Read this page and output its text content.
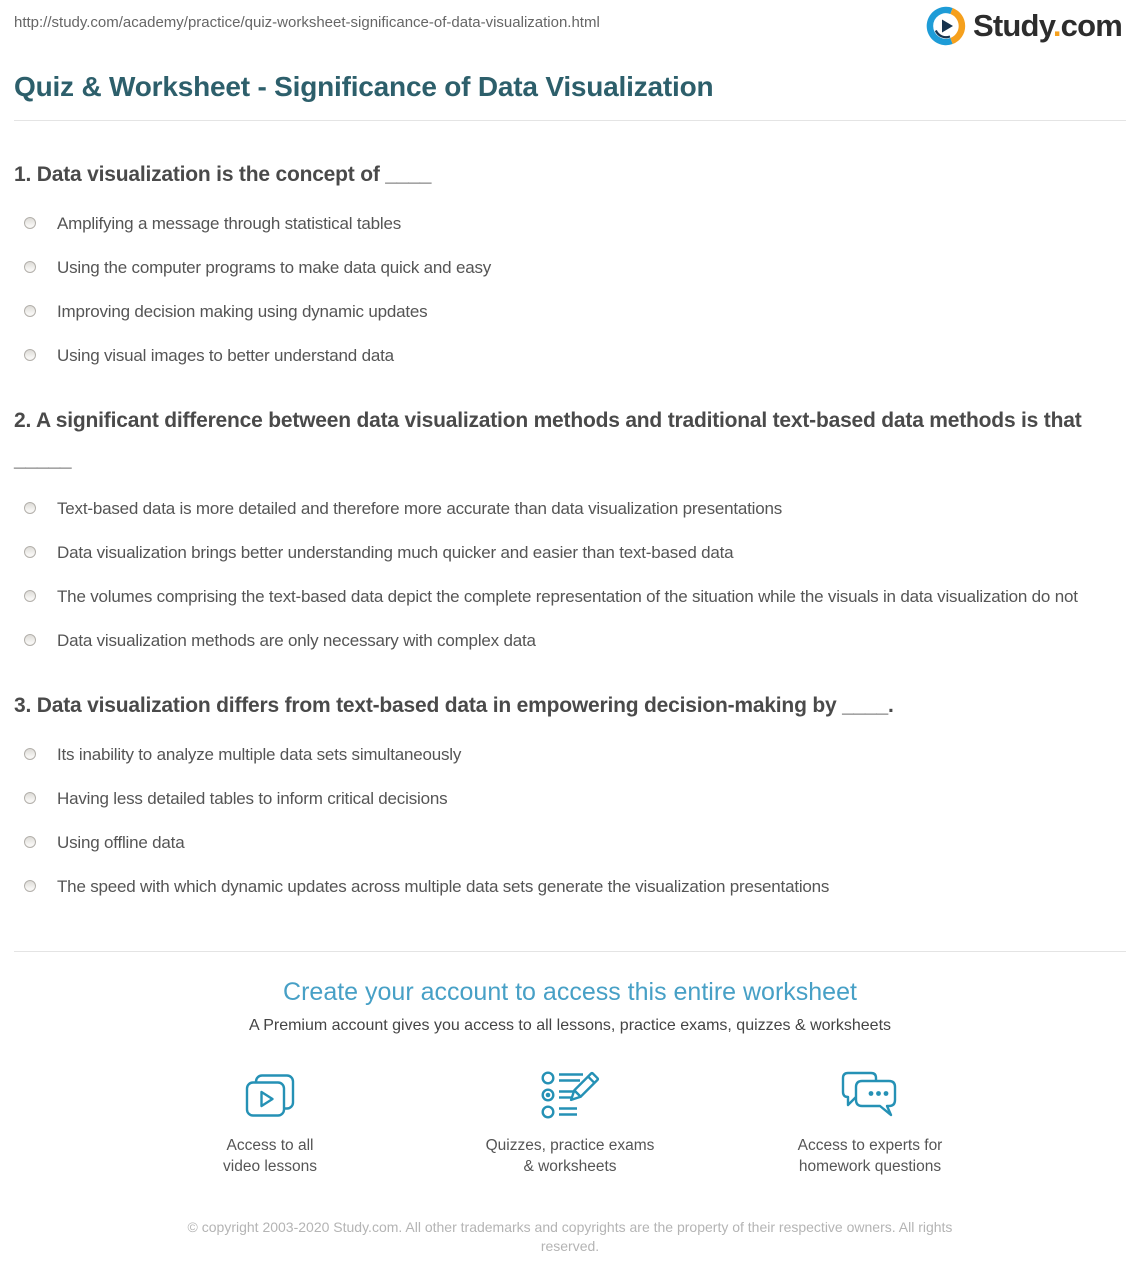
http://study.com/academy/practice/quiz-worksheet-significance-of-data-visualization.html	Study.com
Quiz & Worksheet - Significance of Data Visualization
1. Data visualization is the concept of ____
Amplifying a message through statistical tables
Using the computer programs to make data quick and easy
Improving decision making using dynamic updates
Using visual images to better understand data
2. A significant difference between data visualization methods and traditional text-based data methods is that _____
Text-based data is more detailed and therefore more accurate than data visualization presentations
Data visualization brings better understanding much quicker and easier than text-based data
The volumes comprising the text-based data depict the complete representation of the situation while the visuals in data visualization do not
Data visualization methods are only necessary with complex data
3. Data visualization differs from text-based data in empowering decision-making by ____.
Its inability to analyze multiple data sets simultaneously
Having less detailed tables to inform critical decisions
Using offline data
The speed with which dynamic updates across multiple data sets generate the visualization presentations
Create your account to access this entire worksheet

A Premium account gives you access to all lessons, practice exams, quizzes & worksheets

Access to all
video lessons
Quizzes, practice exams
& worksheets
Access to experts for
homework questions

© copyright 2003-2020 Study.com. All other trademarks and copyrights are the property of their respective owners. All rights reserved.
